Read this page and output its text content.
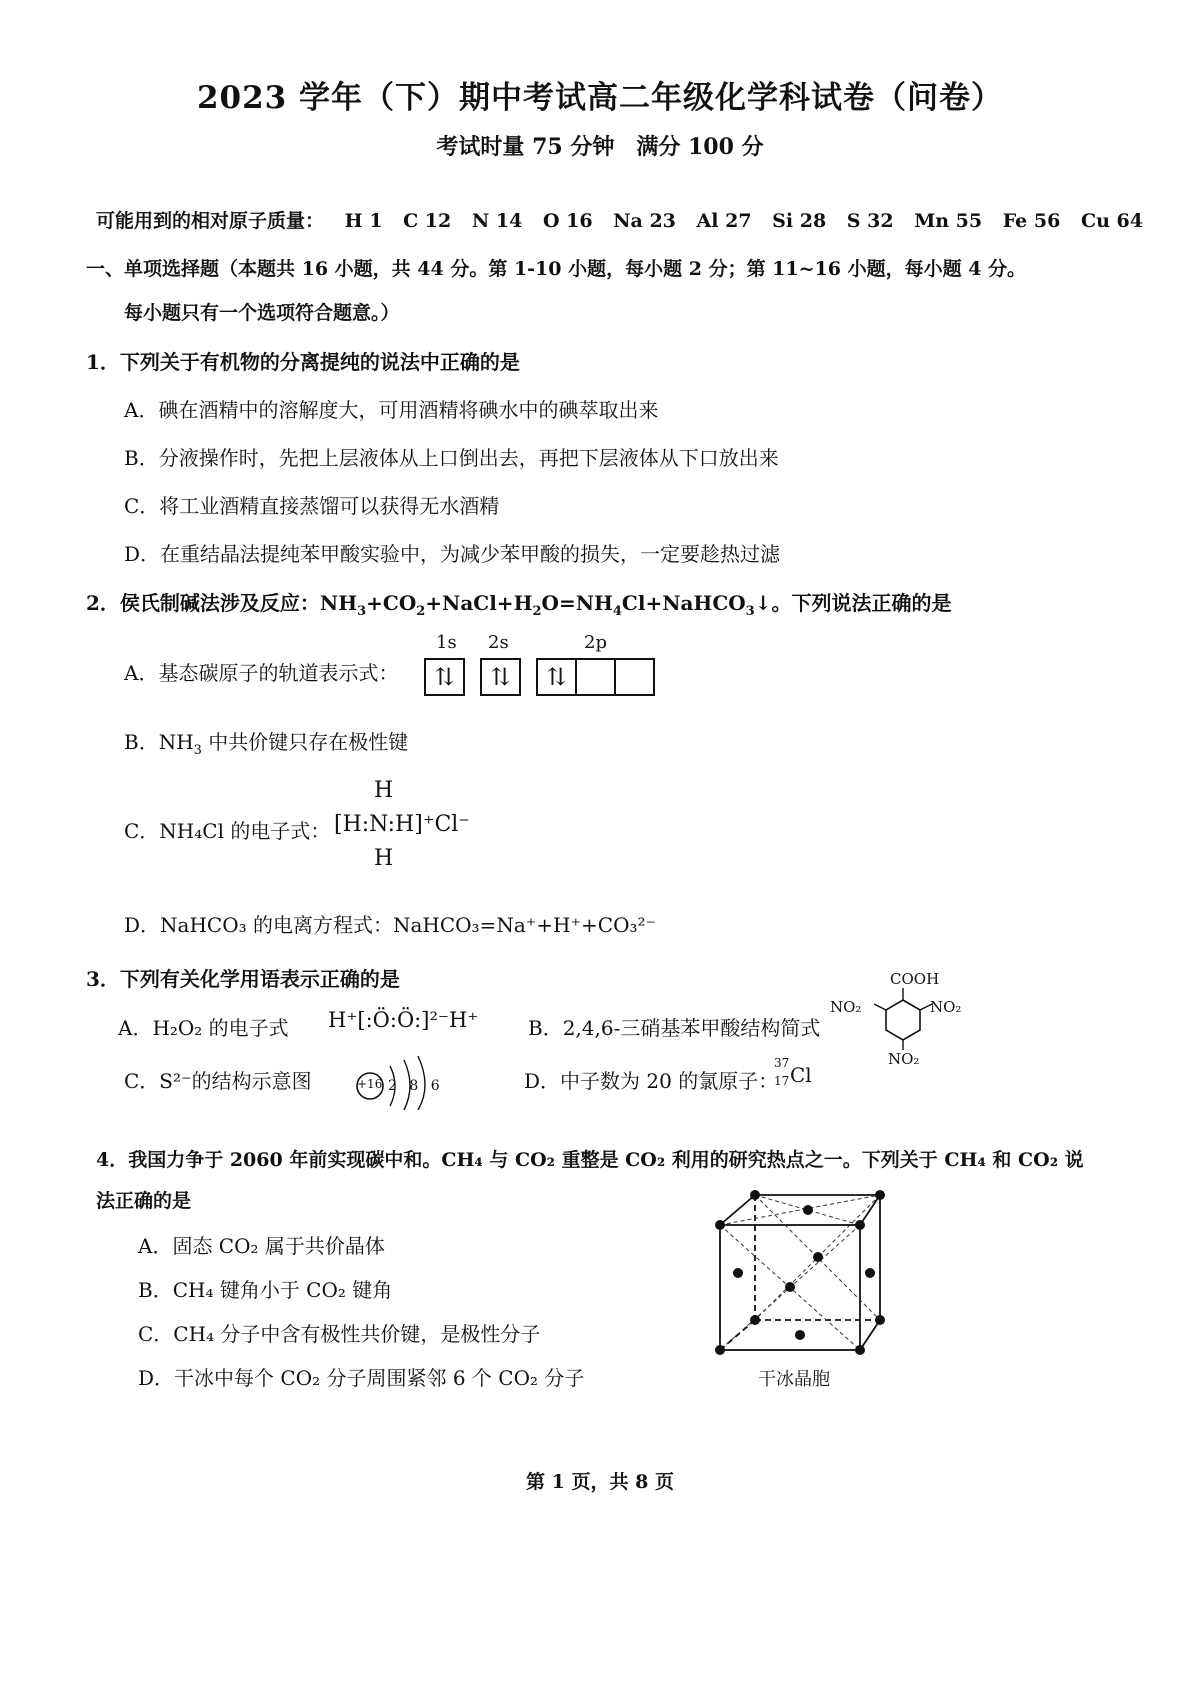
2023 学年（下）期中考试高二年级化学科试卷（问卷）
考试时量 75 分钟　满分 100 分
可能用到的相对原子质量： H 1 C 12 N 14 O 16 Na 23 Al 27 Si 28 S 32 Mn 55 Fe 56 Cu 64
一、单项选择题（本题共 16 小题，共 44 分。第 1-10 小题，每小题 2 分；第 11~16 小题，每小题 4 分。
每小题只有一个选项符合题意。）
1．下列关于有机物的分离提纯的说法中正确的是
A．碘在酒精中的溶解度大，可用酒精将碘水中的碘萃取出来
B．分液操作时，先把上层液体从上口倒出去，再把下层液体从下口放出来
C．将工业酒精直接蒸馏可以获得无水酒精
D．在重结晶法提纯苯甲酸实验中，为减少苯甲酸的损失，一定要趁热过滤
2．侯氏制碱法涉及反应：$NH_3+CO_2+NaCl+H_2O=NH_4Cl+NaHCO_3↓$。下列说法正确的是
A．基态碳原子的轨道表示式：
1s 2s	2p
⇅	⇅	⇅
B．$NH_3$ 中共价键只存在极性键
C．NH₄Cl 的电子式：
H
[H:N:H]⁺Cl⁻
H
D．NaHCO₃ 的电离方程式：NaHCO₃=Na⁺+H⁺+CO₃²⁻
3．下列有关化学用语表示正确的是
A．H₂O₂ 的电子式 H⁺[:Ö:Ö:]²⁻H⁺ B．2,4,6-三硝基苯甲酸结构简式
COOH
NO₂	NO₂
NO₂
C．S²⁻的结构示意图	+16 2 8 6	D．中子数为 20 的氯原子：
37
17 Cl
4．我国力争于 2060 年前实现碳中和。CH₄ 与 CO₂ 重整是 CO₂ 利用的研究热点之一。下列关于 CH₄ 和 CO₂ 说
法正确的是
A．固态 CO₂ 属于共价晶体
B．CH₄ 键角小于 CO₂ 键角
C．CH₄ 分子中含有极性共价键，是极性分子
D．干冰中每个 CO₂ 分子周围紧邻 6 个 CO₂ 分子	干冰晶胞
第 1 页，共 8 页
